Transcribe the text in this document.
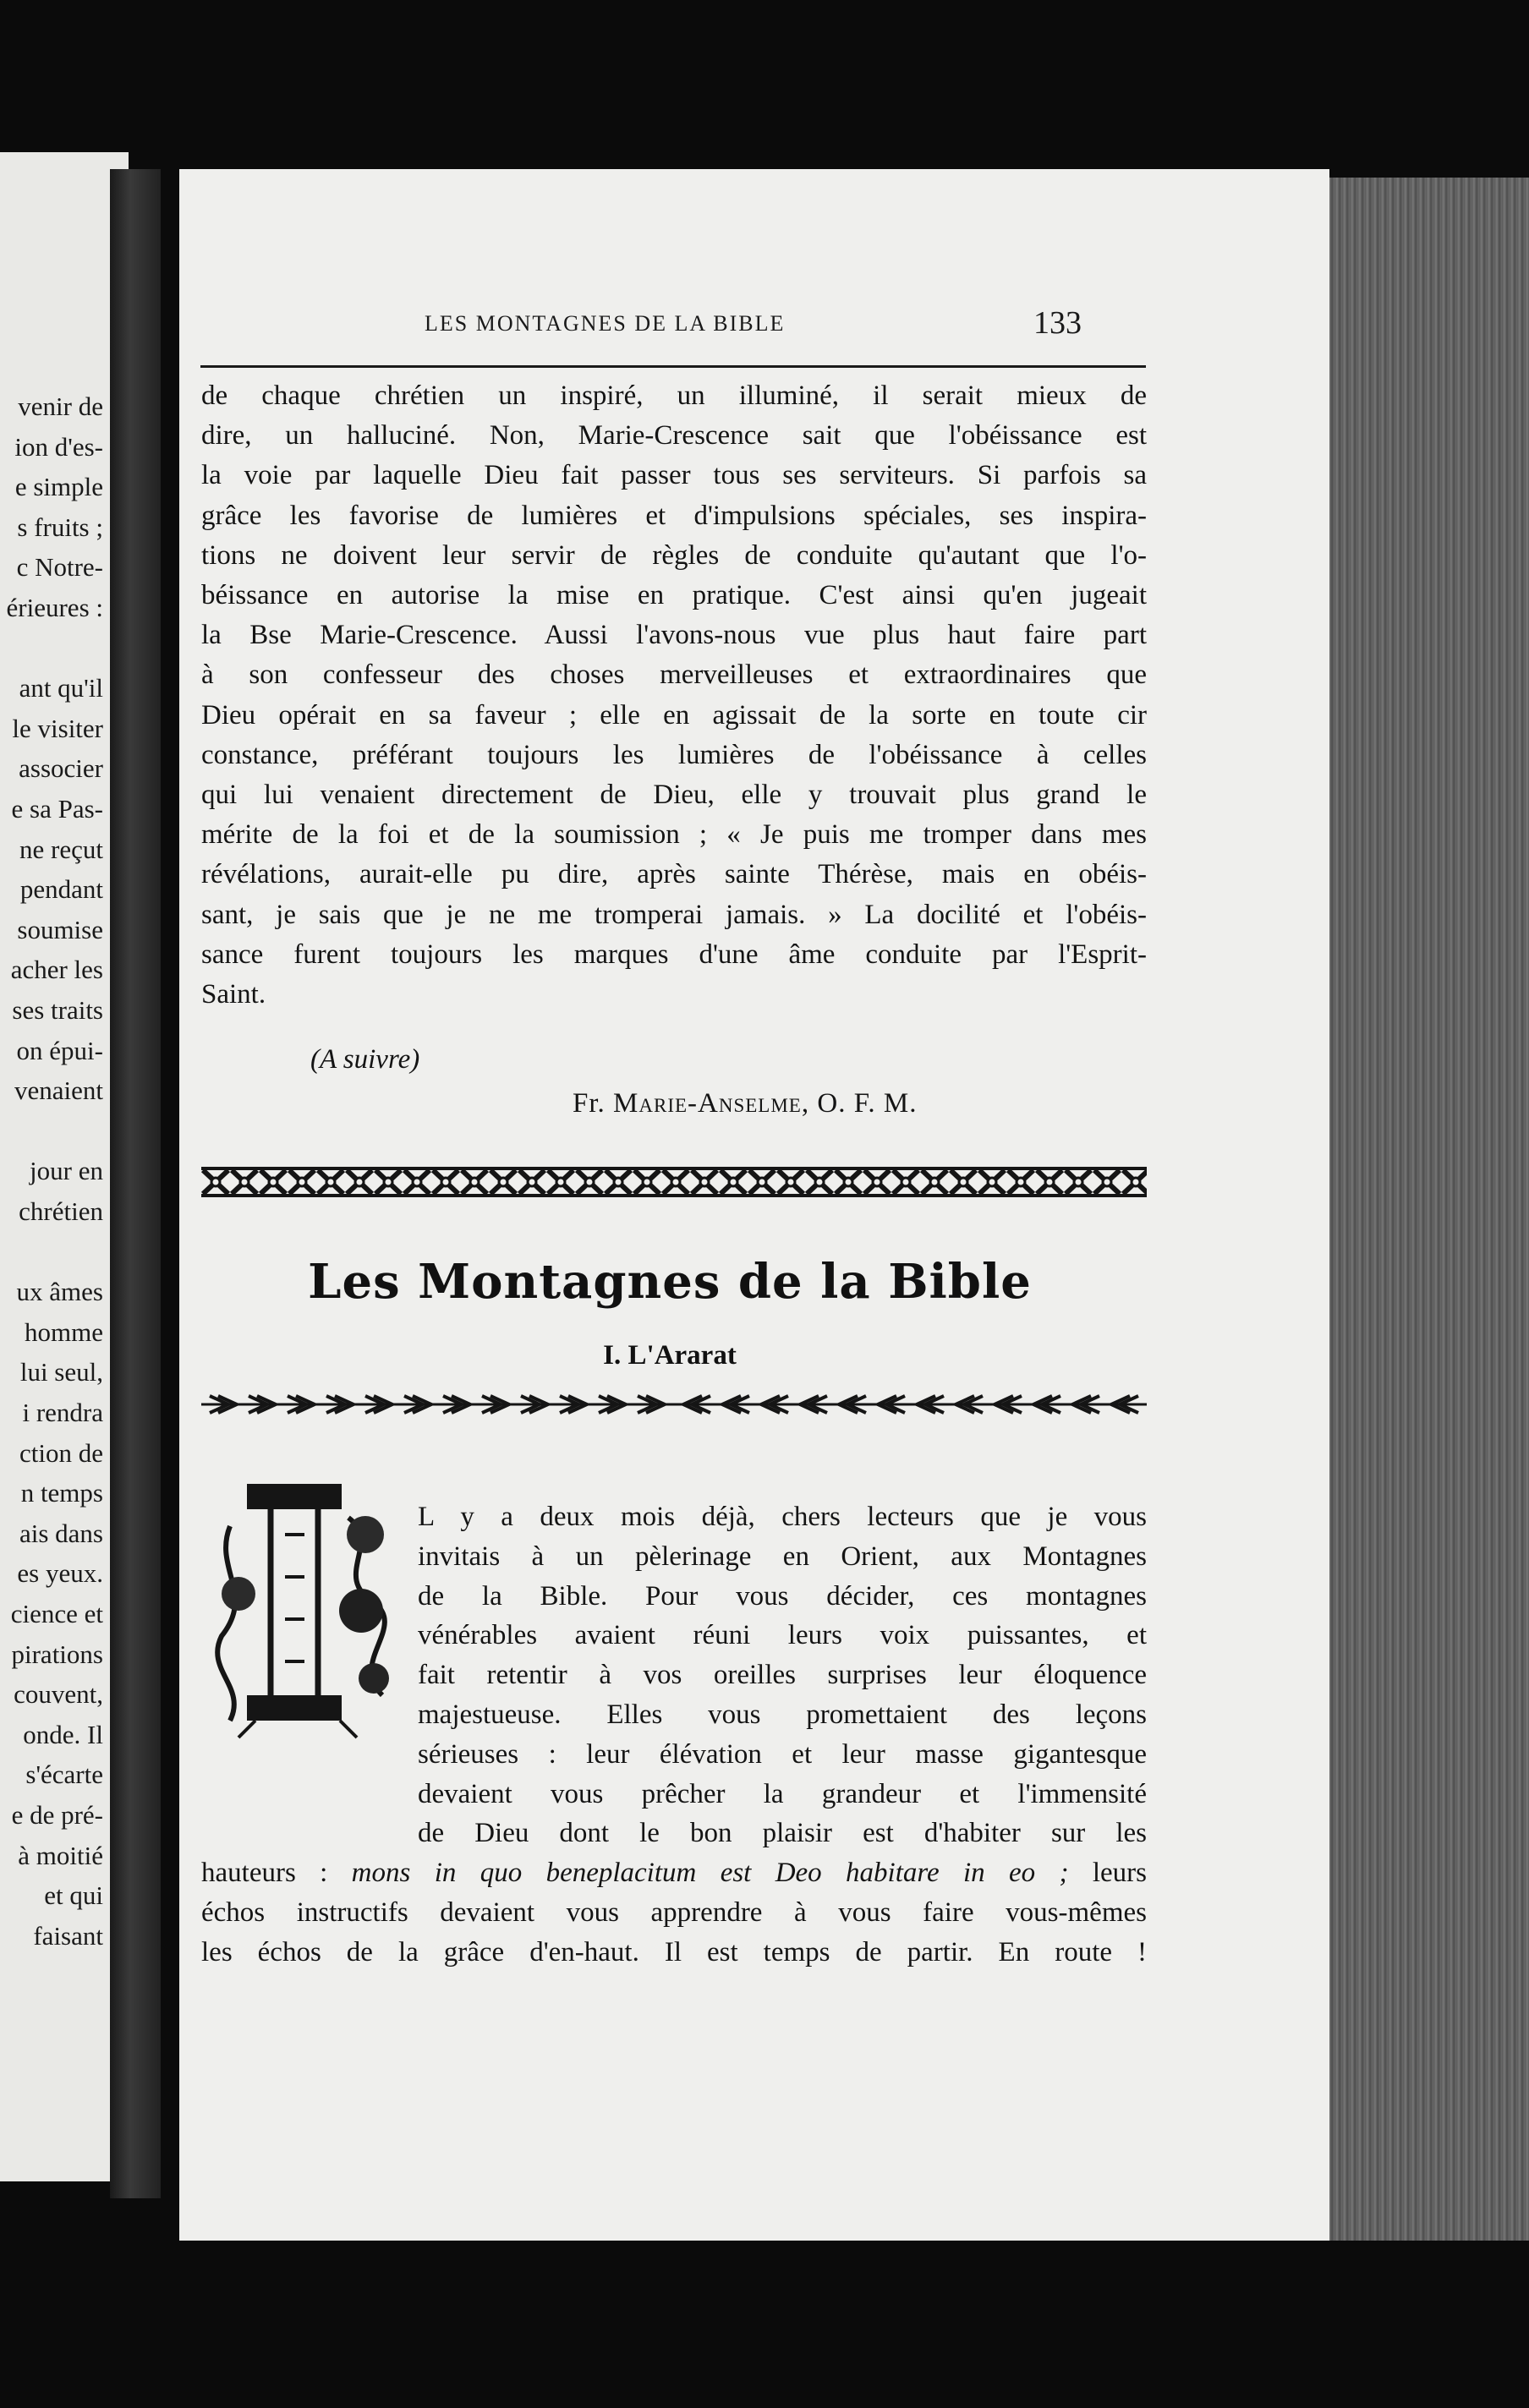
LES MONTAGNES DE LA BIBLE	133
de chaque chrétien un inspiré, un illuminé, il serait mieux de
dire, un halluciné. Non, Marie-Crescence sait que l'obéissance est
la voie par laquelle Dieu fait passer tous ses serviteurs. Si parfois sa
grâce les favorise de lumières et d'impulsions spéciales, ses inspira-
tions ne doivent leur servir de règles de conduite qu'autant que l'o-
béissance en autorise la mise en pratique. C'est ainsi qu'en jugeait
la Bse Marie-Crescence. Aussi l'avons-nous vue plus haut faire part
à son confesseur des choses merveilleuses et extraordinaires que
Dieu opérait en sa faveur ; elle en agissait de la sorte en toute cir
constance, préférant toujours les lumières de l'obéissance à celles
qui lui venaient directement de Dieu, elle y trouvait plus grand le
mérite de la foi et de la soumission ; « Je puis me tromper dans mes
révélations, aurait-elle pu dire, après sainte Thérèse, mais en obéis-
sant, je sais que je ne me tromperai jamais. » La docilité et l'obéis-
sance furent toujours les marques d'une âme conduite par l'Esprit-
Saint.
(A suivre)
Fr. Marie-Anselme, O. F. M.
Les Montagnes de la Bible
I. L'Ararat
L y a deux mois déjà, chers lecteurs que je vous
invitais à un pèlerinage en Orient, aux Montagnes
de la Bible. Pour vous décider, ces montagnes
vénérables avaient réuni leurs voix puissantes, et
fait retentir à vos oreilles surprises leur éloquence
majestueuse. Elles vous promettaient des leçons
sérieuses : leur élévation et leur masse gigantesque
devaient vous prêcher la grandeur et l'immensité
de Dieu dont le bon plaisir est d'habiter sur les
hauteurs : mons in quo beneplacitum est Deo habitare in eo ; leurs
échos instructifs devaient vous apprendre à vous faire vous-mêmes
les échos de la grâce d'en-haut. Il est temps de partir. En route !
venir de
ion d'es-
e simple
s fruits ;
c Notre-
érieures :
ant qu'il
le visiter
associer
e sa Pas-
ne reçut
pendant
soumise
acher les
ses traits
on épui-
venaient
jour en
chrétien
ux âmes
homme
lui seul,
i rendra
ction de
n temps
ais dans
es yeux.
cience et
pirations
couvent,
onde. Il
s'écarte
e de pré-
à moitié
et qui
faisant
